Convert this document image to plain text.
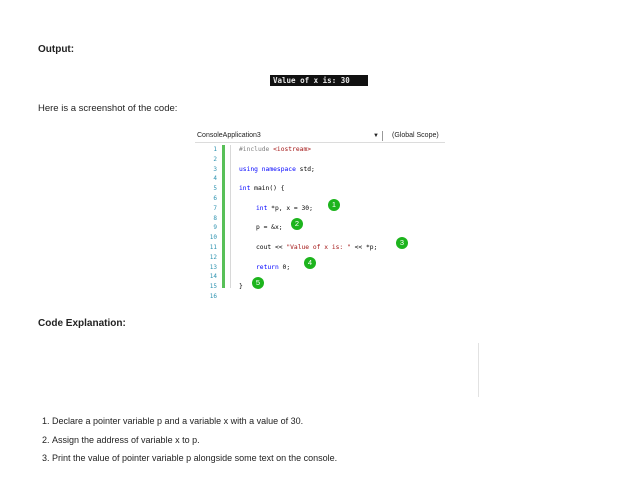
Output:
Value of x is: 30
Here is a screenshot of the code:
ConsoleApplication3	▼ (Global Scope)
1
2
3
4
5
6
7
8
9
10
11
12
13
14
15
16
#include <iostream>
using namespace std;
int main() {
int *p, x = 30;
p = &x;
cout << "Value of x is: " << *p;
return 0;
}
1
2
3
4
5
Code Explanation:
1. Declare a pointer variable p and a variable x with a value of 30.
2. Assign the address of variable x to p.
3. Print the value of pointer variable p alongside some text on the console.
